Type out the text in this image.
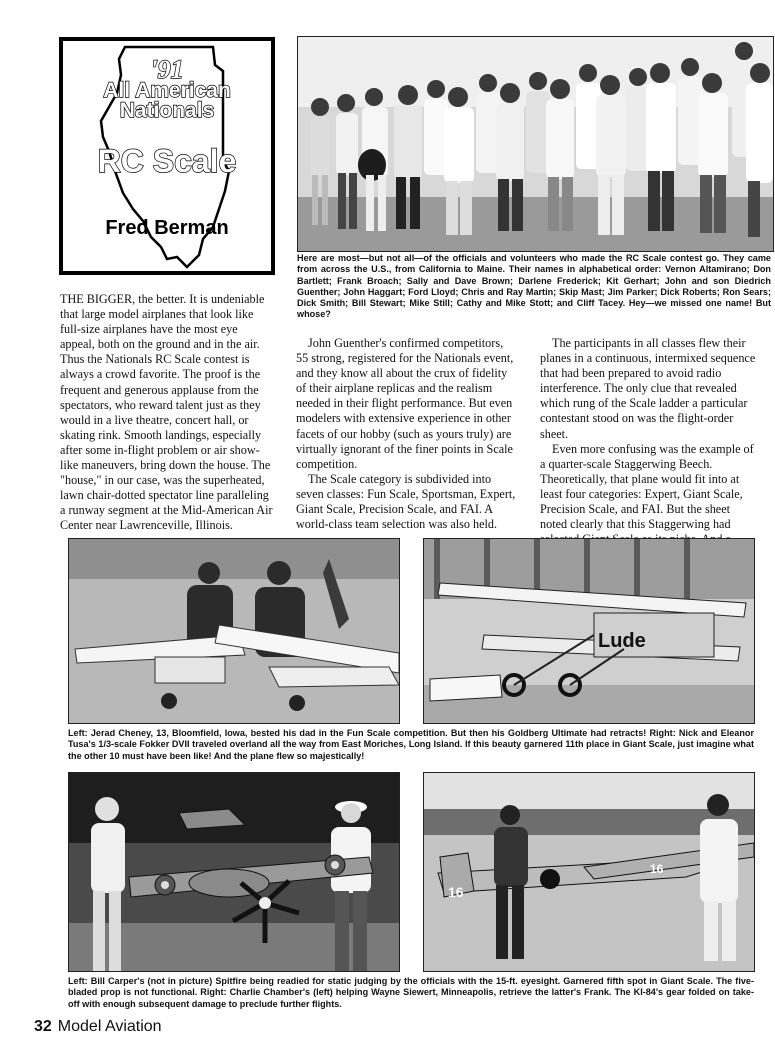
'91
All American
Nationals
RC Scale
Fred Berman
Here are most—but not all—of the officials and volunteers who made the RC Scale contest go. They came from across the U.S., from California to Maine. Their names in alphabetical order: Vernon Altamirano; Don Bartlett; Frank Broach; Sally and Dave Brown; Darlene Frederick; Kit Gerhart; John and son Diedrich Guenther; John Haggart; Ford Lloyd; Chris and Ray Martin; Skip Mast; Jim Parker; Dick Roberts; Ron Sears; Dick Smith; Bill Stewart; Mike Still; Cathy and Mike Stott; and Cliff Tacey. Hey—we missed one name! But whose?

THE BIGGER, the better. It is undeniable that large model airplanes that look like full-size airplanes have the most eye appeal, both on the ground and in the air. Thus the Nationals RC Scale contest is always a crowd favorite. The proof is the frequent and generous applause from the spectators, who reward talent just as they would in a live theatre, concert hall, or skating rink. Smooth landings, especially after some in-flight problem or air show-like maneuvers, bring down the house. The "house," in our case, was the superheated, lawn chair-dotted spectator line paralleling a runway segment at the Mid-American Air Center near Lawrenceville, Illinois.

John Guenther's confirmed competitors, 55 strong, registered for the Nationals event, and they know all about the crux of fidelity of their airplane replicas and the realism needed in their flight performance. But even modelers with extensive experience in other facets of our hobby (such as yours truly) are virtually ignorant of the finer points in Scale competition.

The Scale category is subdivided into seven classes: Fun Scale, Sportsman, Expert, Giant Scale, Precision Scale, and FAI. A world-class team selection was also held.

The participants in all classes flew their planes in a continuous, intermixed sequence that had been prepared to avoid radio interference. The only clue that revealed which rung of the Scale ladder a particular contestant stood on was the flight-order sheet.

Even more confusing was the example of a quarter-scale Staggerwing Beech. Theoretically, that plane would fit into at least four categories: Expert, Giant Scale, Precision Scale, and FAI. But the sheet noted clearly that this Staggerwing had

Lude
Left: Jerad Cheney, 13, Bloomfield, Iowa, bested his dad in the Fun Scale competition. But then his Goldberg Ultimate had retracts! Right: Nick and Eleanor Tusa's 1/3-scale Fokker DVII traveled overland all the way from East Moriches, Long Island. If this beauty garnered 11th place in Giant Scale, just imagine what the other 10 must have been like! And the plane flew so majestically!
16
16
Left: Bill Carper's (not in picture) Spitfire being readied for static judging by the officials with the 15-ft. eyesight. Garnered fifth spot in Giant Scale. The five-bladed prop is not functional. Right: Charlie Chamber's (left) helping Wayne Siewert, Minneapolis, retrieve the latter's Frank. The KI-84's gear folded on take-off with enough subsequent damage to preclude further flights.
32 Model Aviation
